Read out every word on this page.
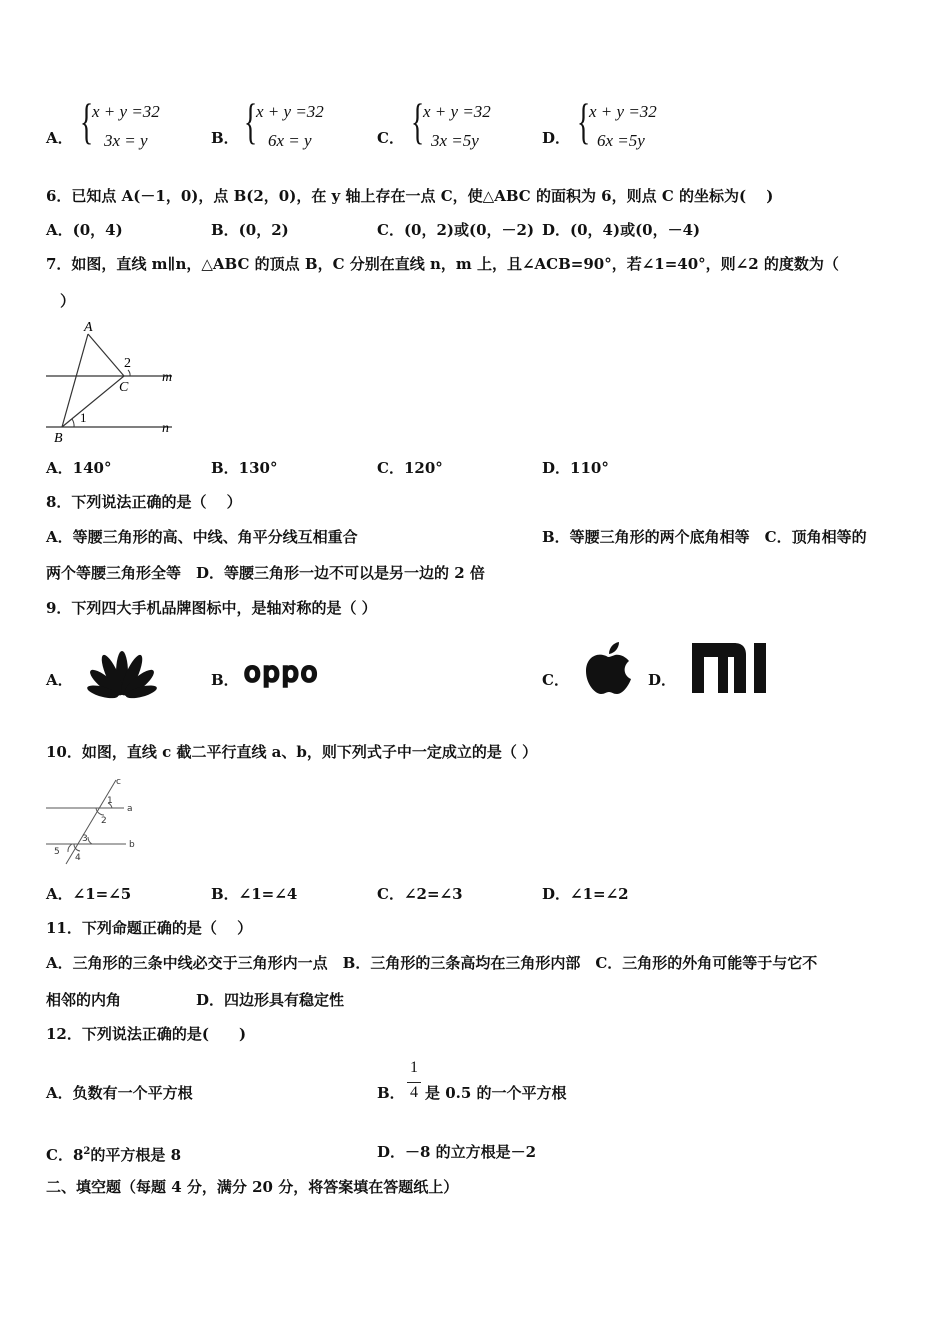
A． {
x + y =32
3x = y	B． {
x + y =32
6x = y	C． {
x + y =32
3x =5y	D． {
x + y =32
6x =5y
6．已知点 A(－1，0)，点 B(2，0)，在 y 轴上存在一点 C，使△ABC 的面积为 6，则点 C 的坐标为(　 )
A．(0，4)	B．(0，2)	C．(0，2)或(0，－2) D．(0，4)或(0，－4)
7．如图，直线 m∥n，△ABC 的顶点 B，C 分别在直线 n，m 上，且∠ACB=90°，若∠1=40°，则∠2 的度数为（
）
A
B
C
m
n
1
2
A．140°	B．130°	C．120°	D．110°
8．下列说法正确的是（　 ）
A．等腰三角形的高、中线、角平分线互相重合	B．等腰三角形的两个底角相等　C．顶角相等的
两个等腰三角形全等　D．等腰三角形一边不可以是另一边的 2 倍
9．下列四大手机品牌图标中，是轴对称的是（ ）
A．	B． oppo	C．	D．
mi
10．如图，直线 c 截二平行直线 a、b，则下列式子中一定成立的是（ ）
c
a
b
1
2
3
4
5
A．∠1=∠5	B．∠1=∠4	C．∠2=∠3	D．∠1=∠2
11．下列命题正确的是（　 ）
A．三角形的三条中线必交于三角形内一点　B．三角形的三条高均在三角形内部　C．三角形的外角可能等于与它不
相邻的内角　　　　　D．四边形具有稳定性
12．下列说法正确的是(　　)
A．负数有一个平方根	B．
1
4 是 0.5 的一个平方根
C．$8^2$的平方根是 8	D．－8 的立方根是－2
二、填空题（每题 4 分，满分 20 分，将答案填在答题纸上）
